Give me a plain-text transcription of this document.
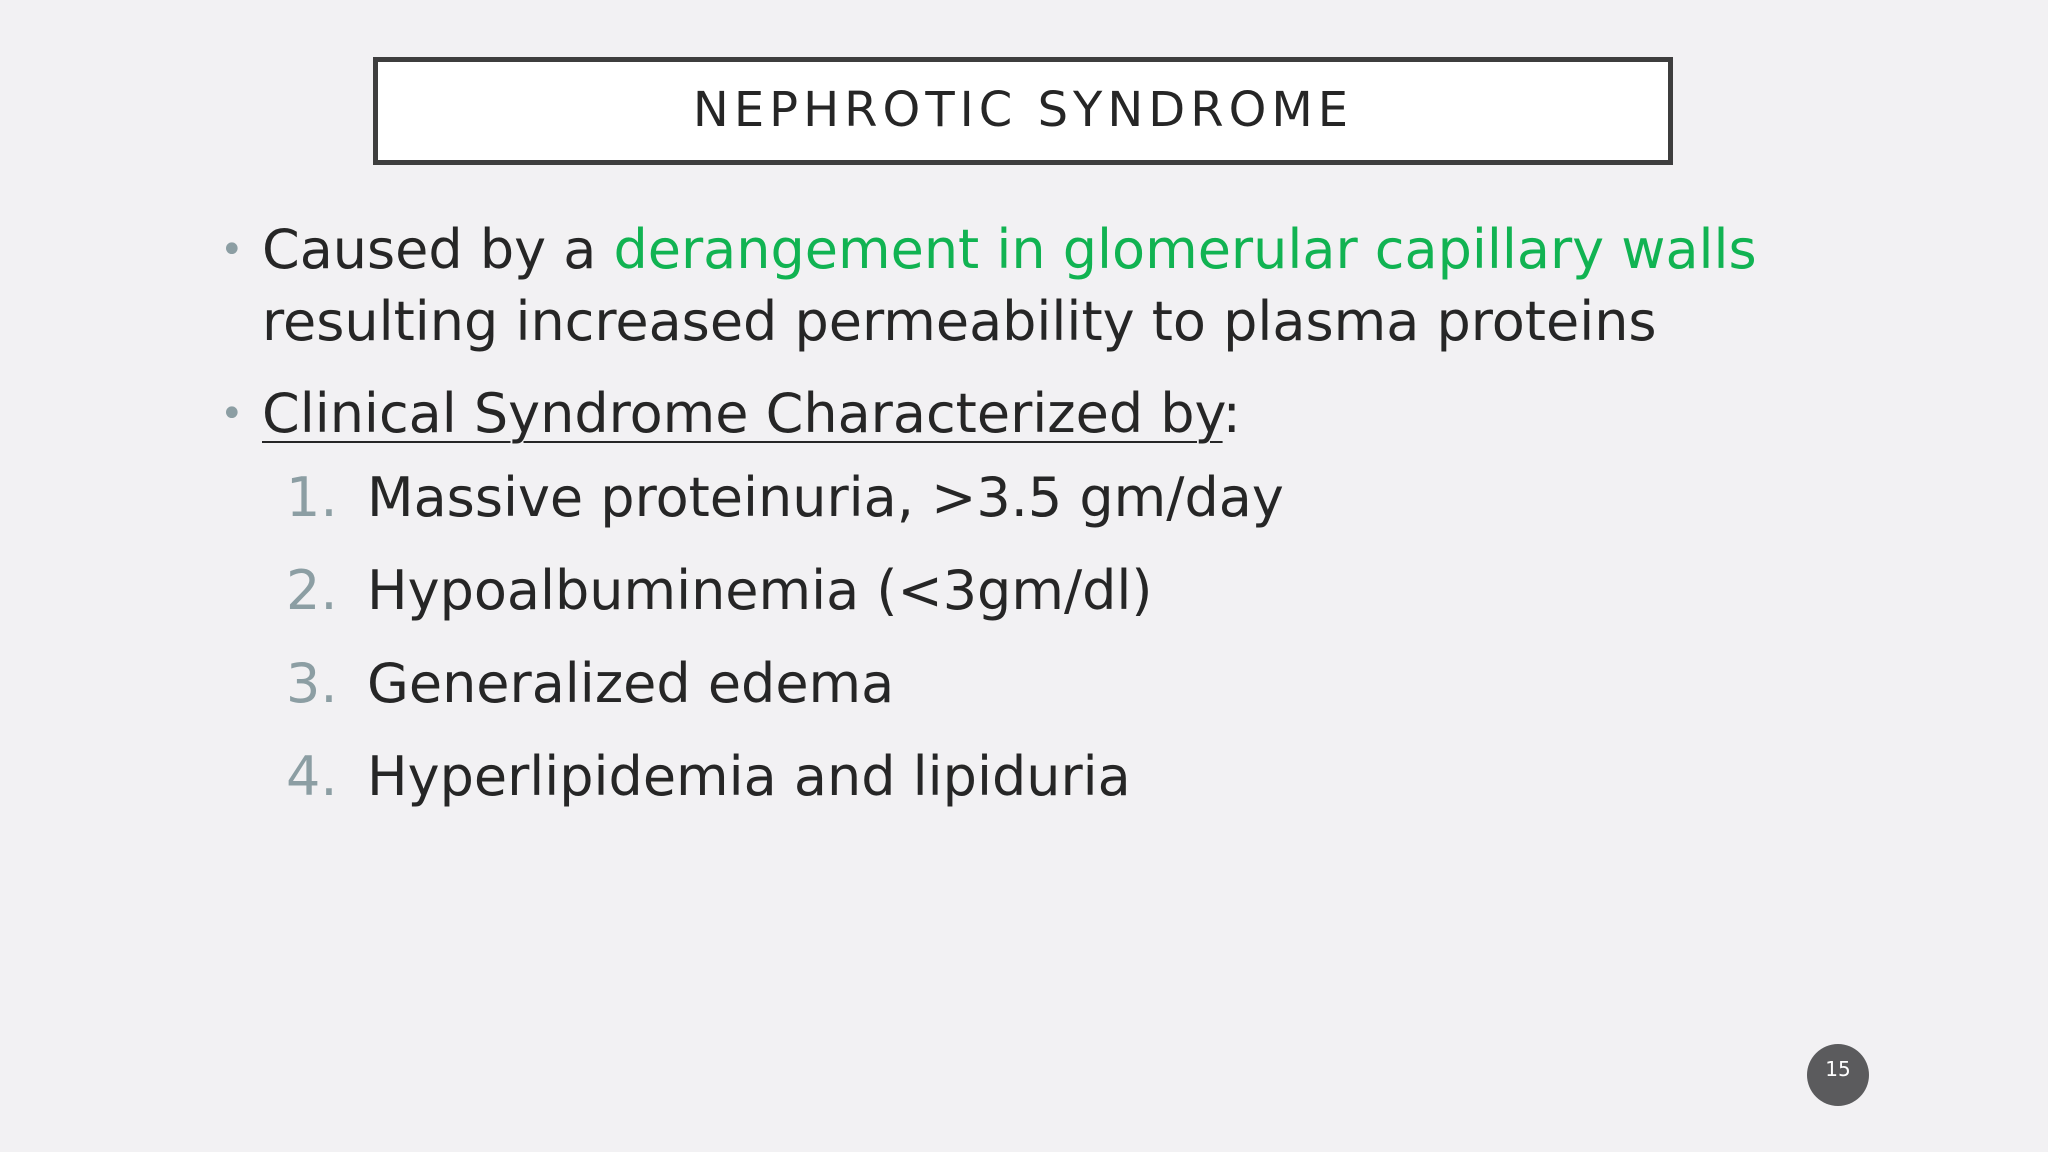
NEPHROTIC SYNDROME
• Caused by a derangement in glomerular capillary walls
resulting increased permeability to plasma proteins
• Clinical Syndrome Characterized by:
1. Massive proteinuria, >3.5 gm/day
2. Hypoalbuminemia (<3gm/dl)
3. Generalized edema
4. Hyperlipidemia and lipiduria
15
